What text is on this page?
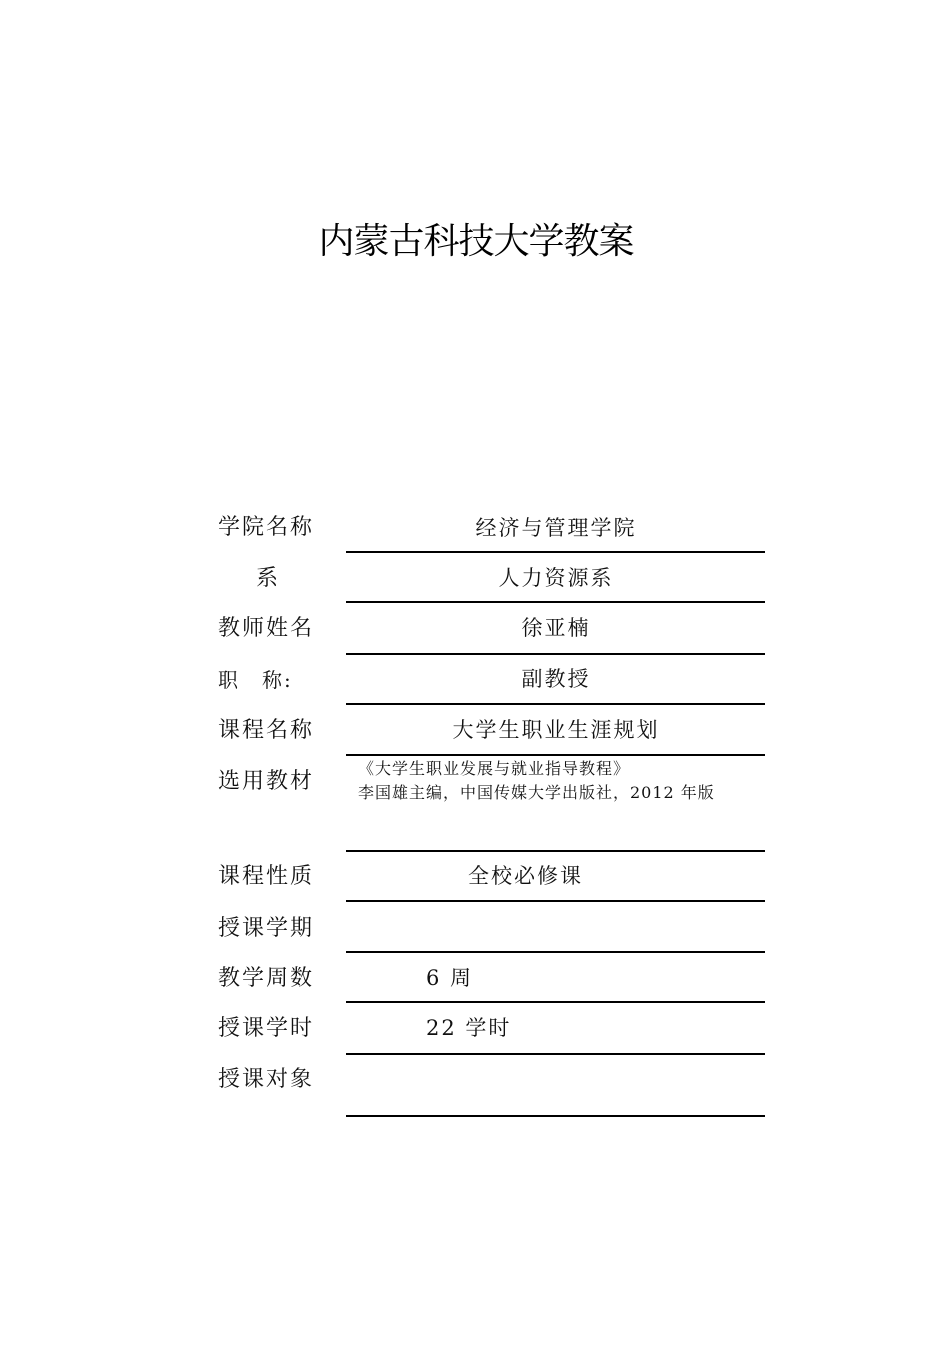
内蒙古科技大学教案
学院名称	经济与管理学院
系	人力资源系
教师姓名	徐亚楠
职　称:	副教授
课程名称	大学生职业生涯规划
选用教材
《大学生职业发展与就业指导教程》
李国雄主编，中国传媒大学出版社，2012 年版
课程性质	全校必修课
授课学期
教学周数	6 周
授课学时	22 学时
授课对象
